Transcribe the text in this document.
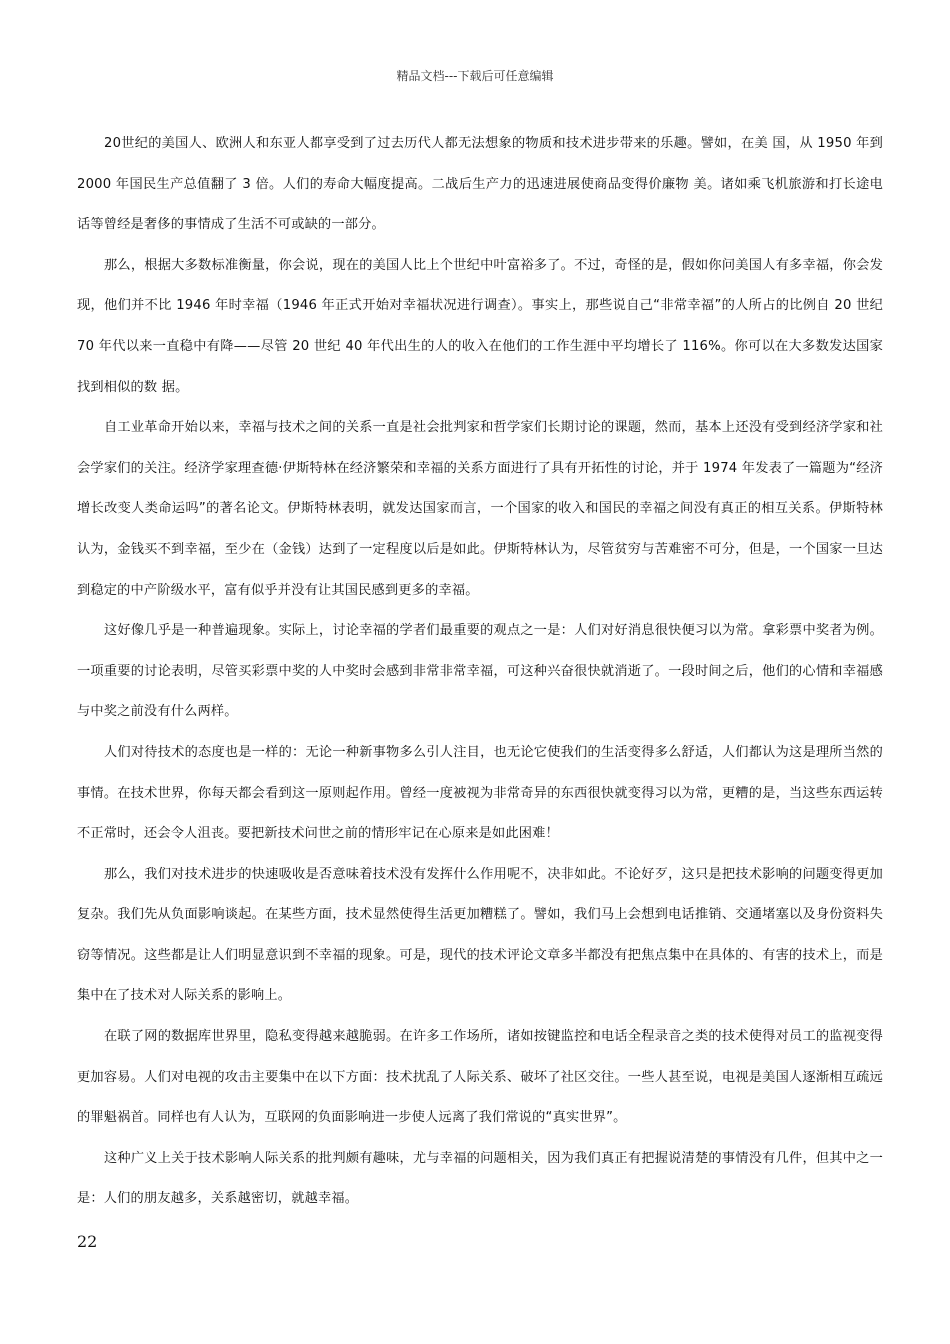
精品文档---下载后可任意编辑

20世纪的美国人、欧洲人和东亚人都享受到了过去历代人都无法想象的物质和技术进步带来的乐趣。譬如，在美 国，从 1950 年到 2000 年国民生产总值翻了 3 倍。人们的寿命大幅度提高。二战后生产力的迅速进展使商品变得价廉物 美。诸如乘飞机旅游和打长途电话等曾经是奢侈的事情成了生活不可或缺的一部分。

那么，根据大多数标准衡量，你会说，现在的美国人比上个世纪中叶富裕多了。不过，奇怪的是，假如你问美国人有多幸福，你会发现，他们并不比 1946 年时幸福（1946 年正式开始对幸福状况进行调查）。事实上，那些说自己“非常幸福”的人所占的比例自 20 世纪 70 年代以来一直稳中有降——尽管 20 世纪 40 年代出生的人的收入在他们的工作生涯中平均增长了 116%。你可以在大多数发达国家找到相似的数 据。

自工业革命开始以来，幸福与技术之间的关系一直是社会批判家和哲学家们长期讨论的课题，然而，基本上还没有受到经济学家和社会学家们的关注。经济学家理查德·伊斯特林在经济繁荣和幸福的关系方面进行了具有开拓性的讨论，并于 1974 年发表了一篇题为“经济增长改变人类命运吗”的著名论文。伊斯特林表明，就发达国家而言，一个国家的收入和国民的幸福之间没有真正的相互关系。伊斯特林认为，金钱买不到幸福，至少在（金钱）达到了一定程度以后是如此。伊斯特林认为，尽管贫穷与苦难密不可分，但是，一个国家一旦达到稳定的中产阶级水平，富有似乎并没有让其国民感到更多的幸福。

这好像几乎是一种普遍现象。实际上，讨论幸福的学者们最重要的观点之一是：人们对好消息很快便习以为常。拿彩票中奖者为例。一项重要的讨论表明，尽管买彩票中奖的人中奖时会感到非常非常幸福，可这种兴奋很快就消逝了。一段时间之后，他们的心情和幸福感与中奖之前没有什么两样。

人们对待技术的态度也是一样的：无论一种新事物多么引人注目，也无论它使我们的生活变得多么舒适，人们都认为这是理所当然的事情。在技术世界，你每天都会看到这一原则起作用。曾经一度被视为非常奇异的东西很快就变得习以为常，更糟的是，当这些东西运转不正常时，还会令人沮丧。要把新技术问世之前的情形牢记在心原来是如此困难！

那么，我们对技术进步的快速吸收是否意味着技术没有发挥什么作用呢不，决非如此。不论好歹，这只是把技术影响的问题变得更加复杂。我们先从负面影响谈起。在某些方面，技术显然使得生活更加糟糕了。譬如，我们马上会想到电话推销、交通堵塞以及身份资料失窃等情况。这些都是让人们明显意识到不幸福的现象。可是，现代的技术评论文章多半都没有把焦点集中在具体的、有害的技术上，而是集中在了技术对人际关系的影响上。

在联了网的数据库世界里，隐私变得越来越脆弱。在许多工作场所，诸如按键监控和电话全程录音之类的技术使得对员工的监视变得更加容易。人们对电视的攻击主要集中在以下方面：技术扰乱了人际关系、破坏了社区交往。一些人甚至说，电视是美国人逐渐相互疏远的罪魁祸首。同样也有人认为，互联网的负面影响进一步使人远离了我们常说的“真实世界”。

这种广义上关于技术影响人际关系的批判颇有趣味，尤与幸福的问题相关，因为我们真正有把握说清楚的事情没有几件，但其中之一是：人们的朋友越多，关系越密切，就越幸福。

22
